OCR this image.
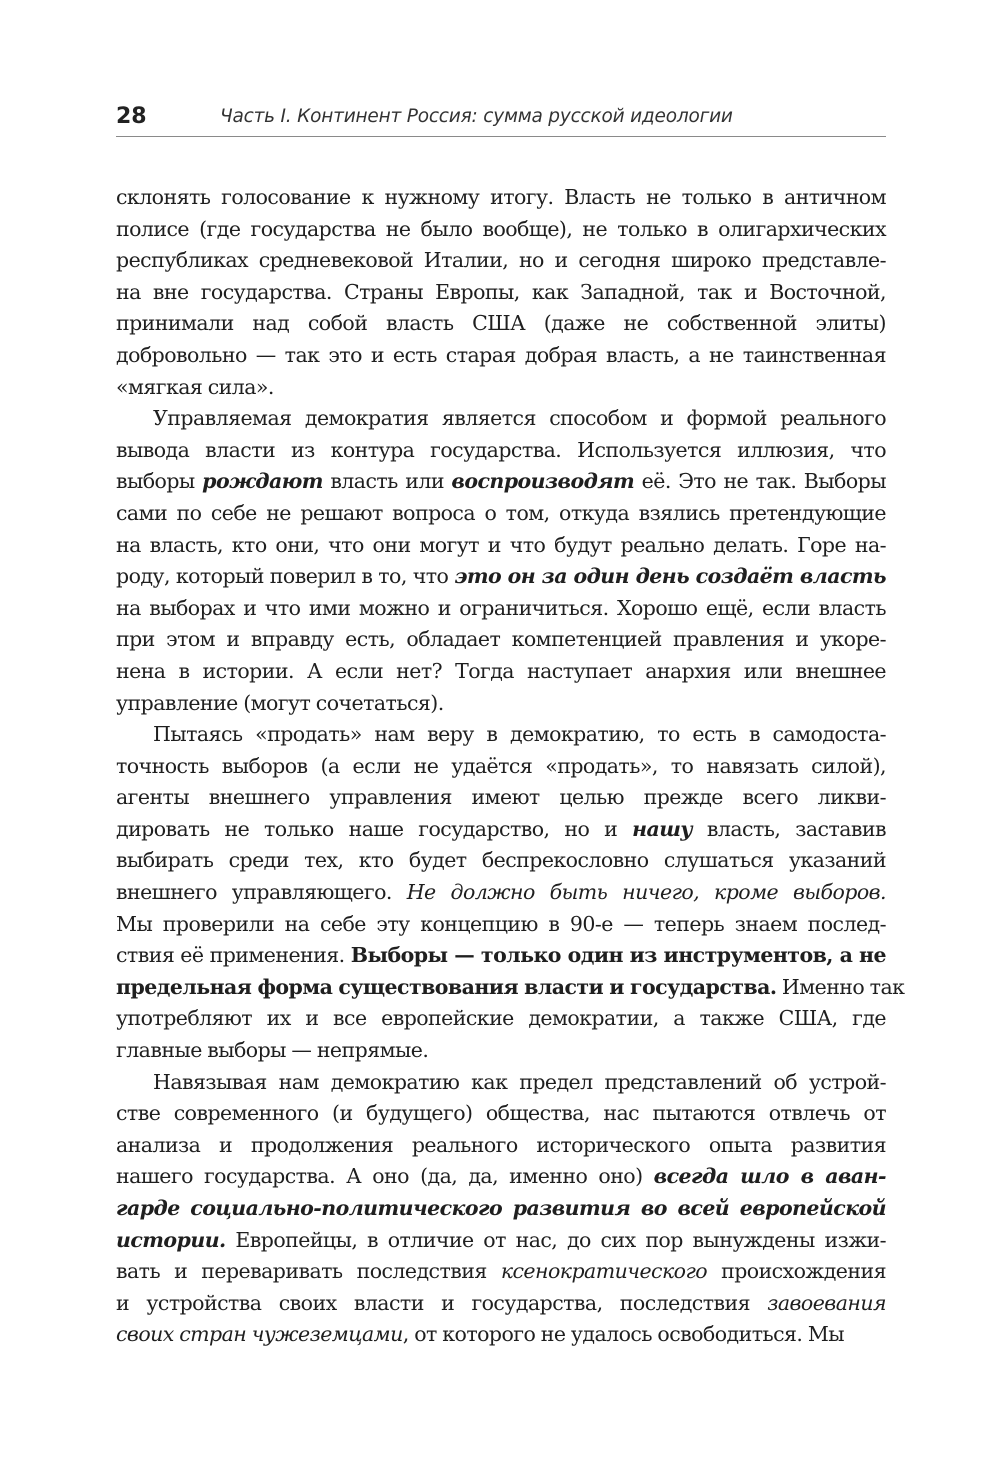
28	Часть I. Континент Россия: сумма русской идеологии
склонять голосование к нужному итогу. Власть не только в античном
полисе (где государства не было вообще), не только в олигархических
республиках средневековой Италии, но и сегодня широко представле-
на вне государства. Страны Европы, как Западной, так и Восточной,
принимали над собой власть США (даже не собственной элиты)
добровольно — так это и есть старая добрая власть, а не таинственная
«мягкая сила».
Управляемая демократия является способом и формой реального
вывода власти из контура государства. Используется иллюзия, что
выборы рождают власть или воспроизводят её. Это не так. Выборы
сами по себе не решают вопроса о том, откуда взялись претендующие
на власть, кто они, что они могут и что будут реально делать. Горе на-
роду, который поверил в то, что это он за один день создаёт власть
на выборах и что ими можно и ограничиться. Хорошо ещё, если власть
при этом и вправду есть, обладает компетенцией правления и укоре-
нена в истории. А если нет? Тогда наступает анархия или внешнее
управление (могут сочетаться).
Пытаясь «продать» нам веру в демократию, то есть в самодоста-
точность выборов (а если не удаётся «продать», то навязать силой),
агенты внешнего управления имеют целью прежде всего ликви-
дировать не только наше государство, но и нашу власть, заставив
выбирать среди тех, кто будет беспрекословно слушаться указаний
внешнего управляющего. Не должно быть ничего, кроме выборов.
Мы проверили на себе эту концепцию в 90-е — теперь знаем послед-
ствия её применения. Выборы — только один из инструментов, а не
предельная форма существования власти и государства. Именно так
употребляют их и все европейские демократии, а также США, где
главные выборы — непрямые.
Навязывая нам демократию как предел представлений об устрой-
стве современного (и будущего) общества, нас пытаются отвлечь от
анализа и продолжения реального исторического опыта развития
нашего государства. А оно (да, да, именно оно) всегда шло в аван-
гарде социально-политического развития во всей европейской
истории. Европейцы, в отличие от нас, до сих пор вынуждены изжи-
вать и переваривать последствия ксенократического происхождения
и устройства своих власти и государства, последствия завоевания
своих стран чужеземцами, от которого не удалось освободиться. Мы
